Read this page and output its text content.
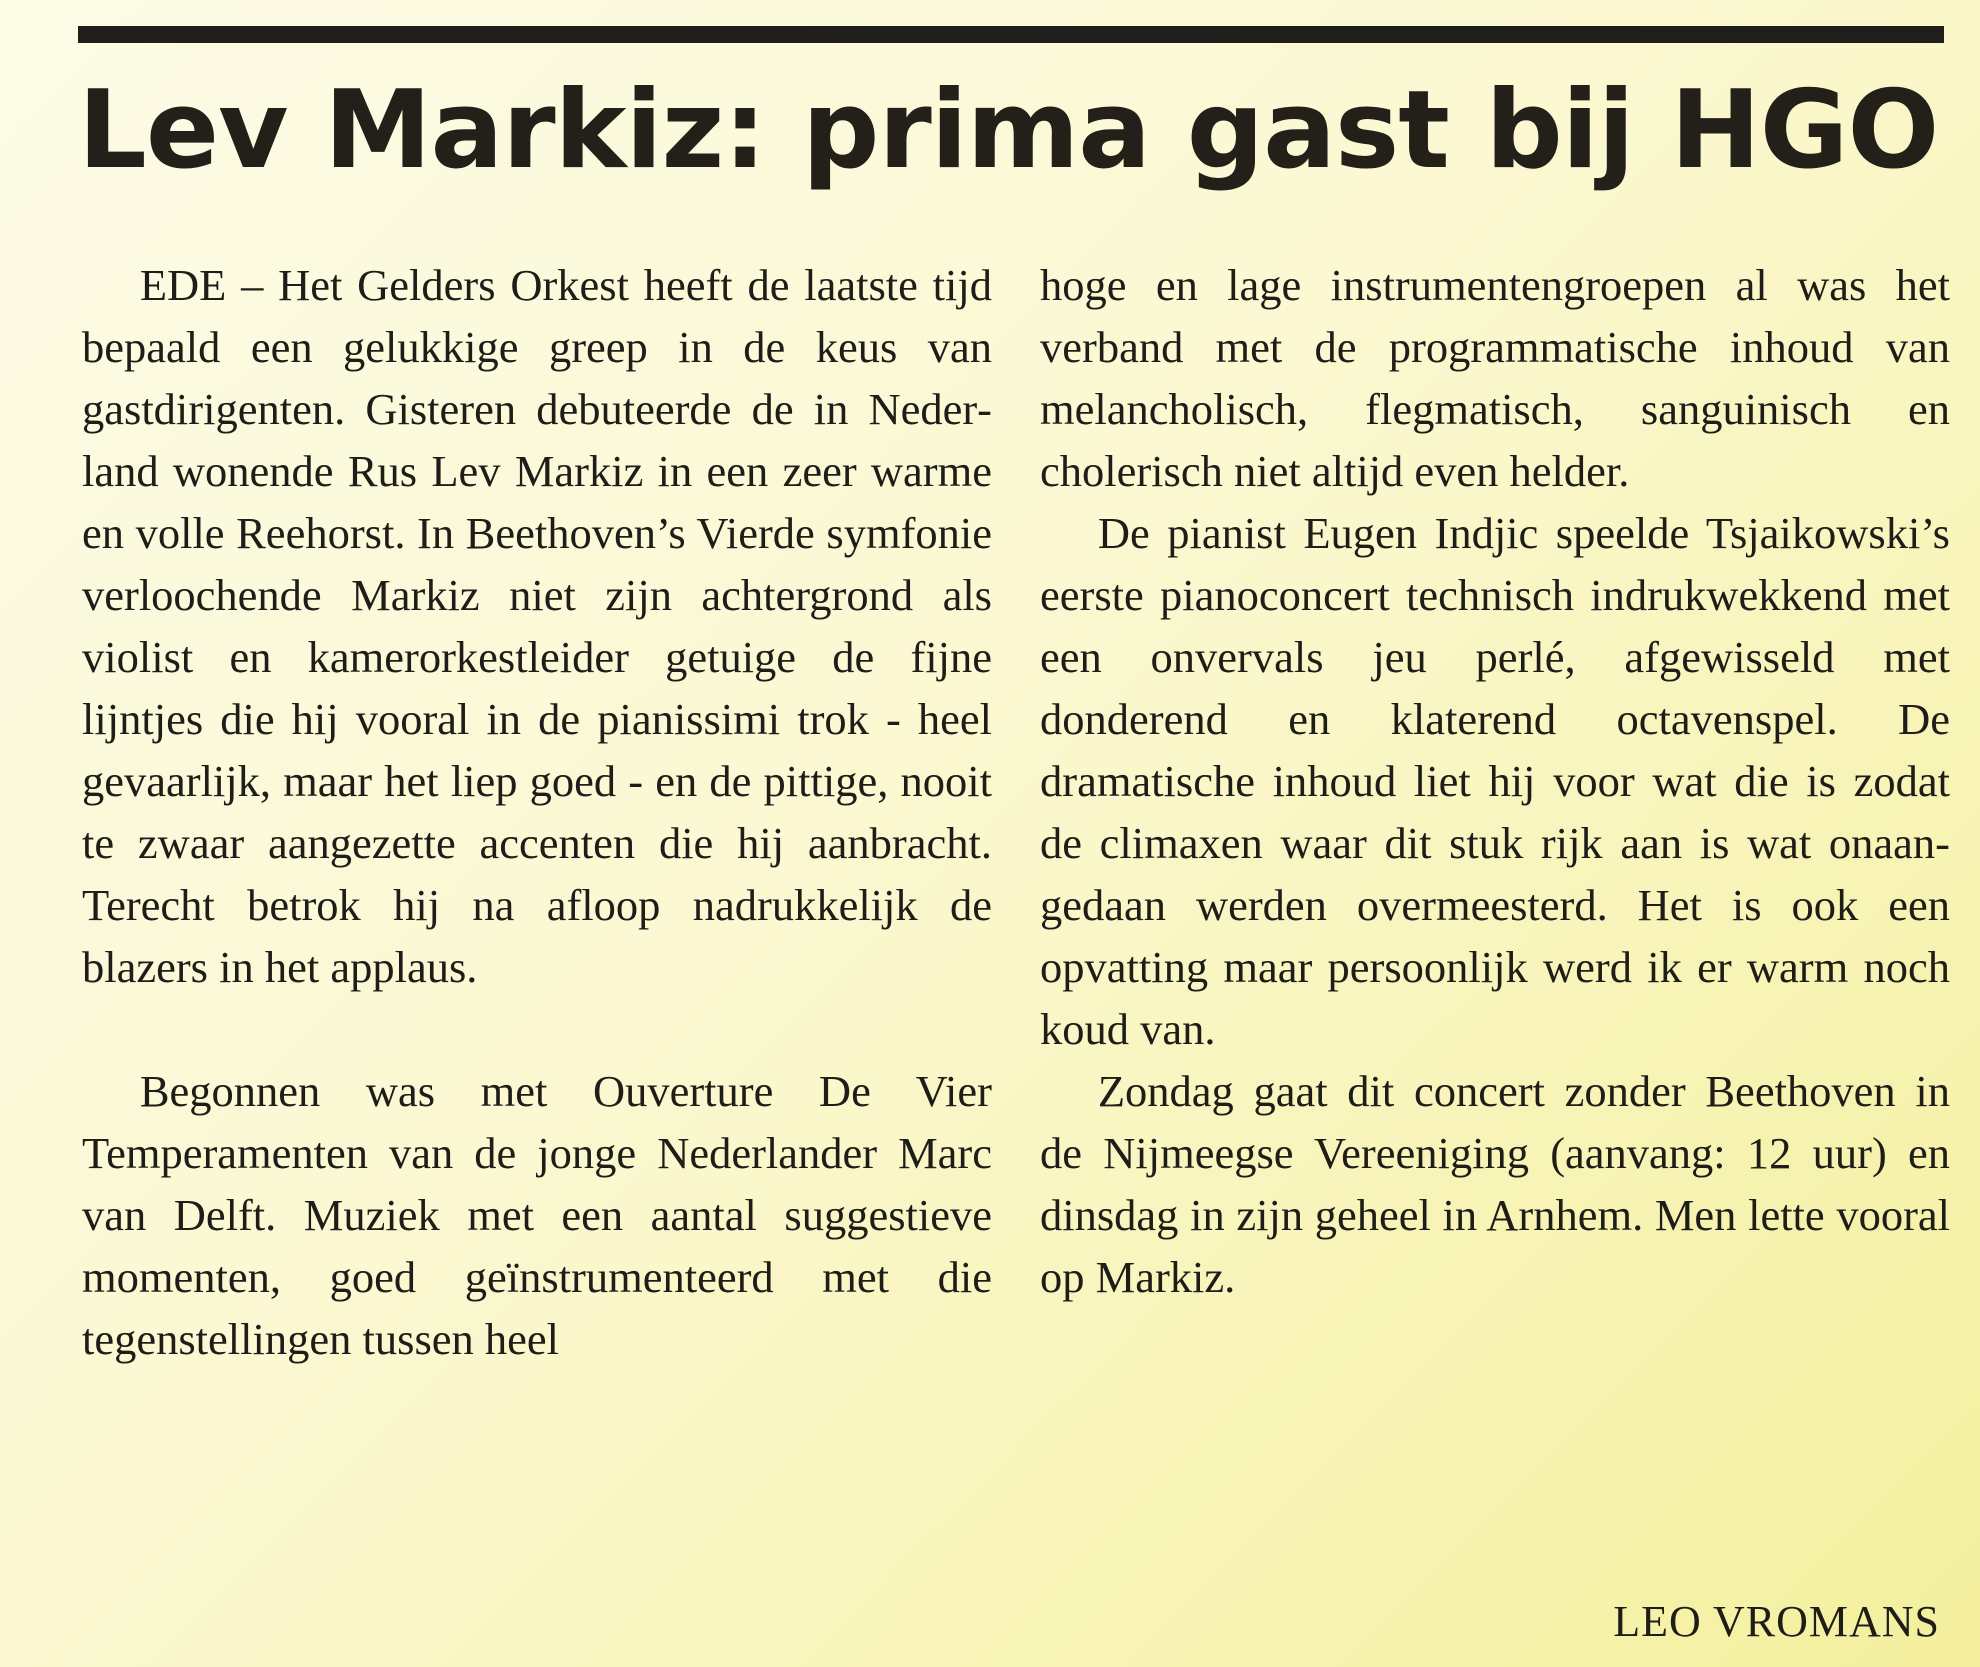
Lev Markiz: prima gast bij HGO

EDE – Het Gelders Orkest heeft de laatste tijd bepaald een gelukkige greep in de keus van gastdirigenten. Gisteren debuteerde de in Nederland wonende Rus Lev Markiz in een zeer warme en volle Reehorst. In Beethoven’s Vierde symfonie verloochende Markiz niet zijn achtergrond als violist en kamerorkestleider getuige de fijne lijntjes die hij vooral in de pianissimi trok - heel gevaarlijk, maar het liep goed - en de pittige, nooit te zwaar aangezette accenten die hij aanbracht. Terecht betrok hij na afloop nadrukkelijk de blazers in het applaus.

Begonnen was met Ouverture De Vier Temperamenten van de jonge Nederlander Marc van Delft. Muziek met een aantal suggestieve momenten, goed geïnstrumenteerd met die tegenstellingen tussen heel

hoge en lage instrumentengroepen al was het verband met de programmatische inhoud van melancholisch, flegmatisch, sanguinisch en cholerisch niet altijd even helder.

De pianist Eugen Indjic speelde Tsjaikowski’s eerste pianoconcert technisch indrukwekkend met een onvervals jeu perlé, afgewisseld met donderend en klaterend octavenspel. De dramatische inhoud liet hij voor wat die is zodat de climaxen waar dit stuk rijk aan is wat onaangedaan werden overmeesterd. Het is ook een opvatting maar persoonlijk werd ik er warm noch koud van.

Zondag gaat dit concert zonder Beethoven in de Nijmeegse Vereeniging (aanvang: 12 uur) en dinsdag in zijn geheel in Arnhem. Men lette vooral op Markiz.

LEO VROMANS
